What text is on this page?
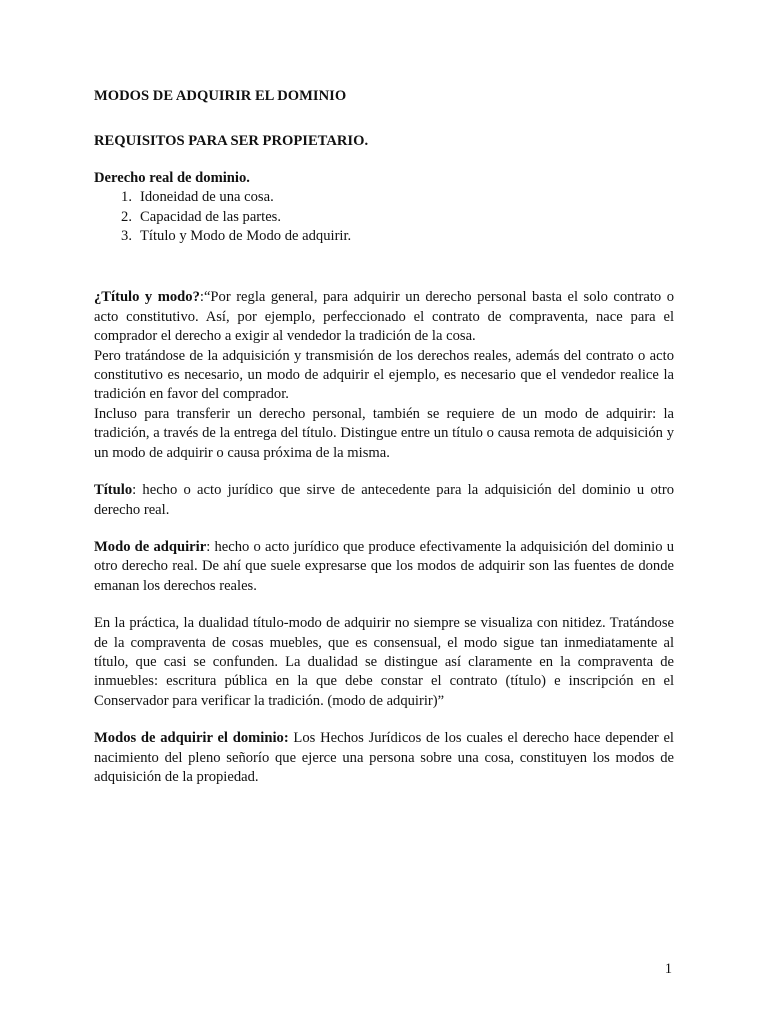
MODOS DE ADQUIRIR EL DOMINIO

REQUISITOS PARA SER PROPIETARIO.

Derecho real de dominio.

1. Idoneidad de una cosa.
2. Capacidad de las partes.
3. Título y Modo de Modo de adquirir.

¿Título y modo?:“Por regla general, para adquirir un derecho personal basta el solo contrato o acto constitutivo. Así, por ejemplo, perfeccionado el contrato de compraventa, nace para el comprador el derecho a exigir al vendedor la tradición de la cosa.

Pero tratándose de la adquisición y transmisión de los derechos reales, además del contrato o acto constitutivo es necesario, un modo de adquirir el ejemplo, es necesario que el vendedor realice la tradición en favor del comprador.

Incluso para transferir un derecho personal, también se requiere de un modo de adquirir: la tradición, a través de la entrega del título. Distingue entre un título o causa remota de adquisición y un modo de adquirir o causa próxima de la misma.

Título: hecho o acto jurídico que sirve de antecedente para la adquisición del dominio u otro derecho real.

Modo de adquirir: hecho o acto jurídico que produce efectivamente la adquisición del dominio u otro derecho real. De ahí que suele expresarse que los modos de adquirir son las fuentes de donde emanan los derechos reales.

En la práctica, la dualidad título-modo de adquirir no siempre se visualiza con nitidez. Tratándose de la compraventa de cosas muebles, que es consensual, el modo sigue tan inmediatamente al título, que casi se confunden. La dualidad se distingue así claramente en la compraventa de inmuebles: escritura pública en la que debe constar el contrato (título) e inscripción en el Conservador para verificar la tradición. (modo de adquirir)”

Modos de adquirir el dominio: Los Hechos Jurídicos de los cuales el derecho hace depender el nacimiento del pleno señorío que ejerce una persona sobre una cosa, constituyen los modos de adquisición de la propiedad.

1
